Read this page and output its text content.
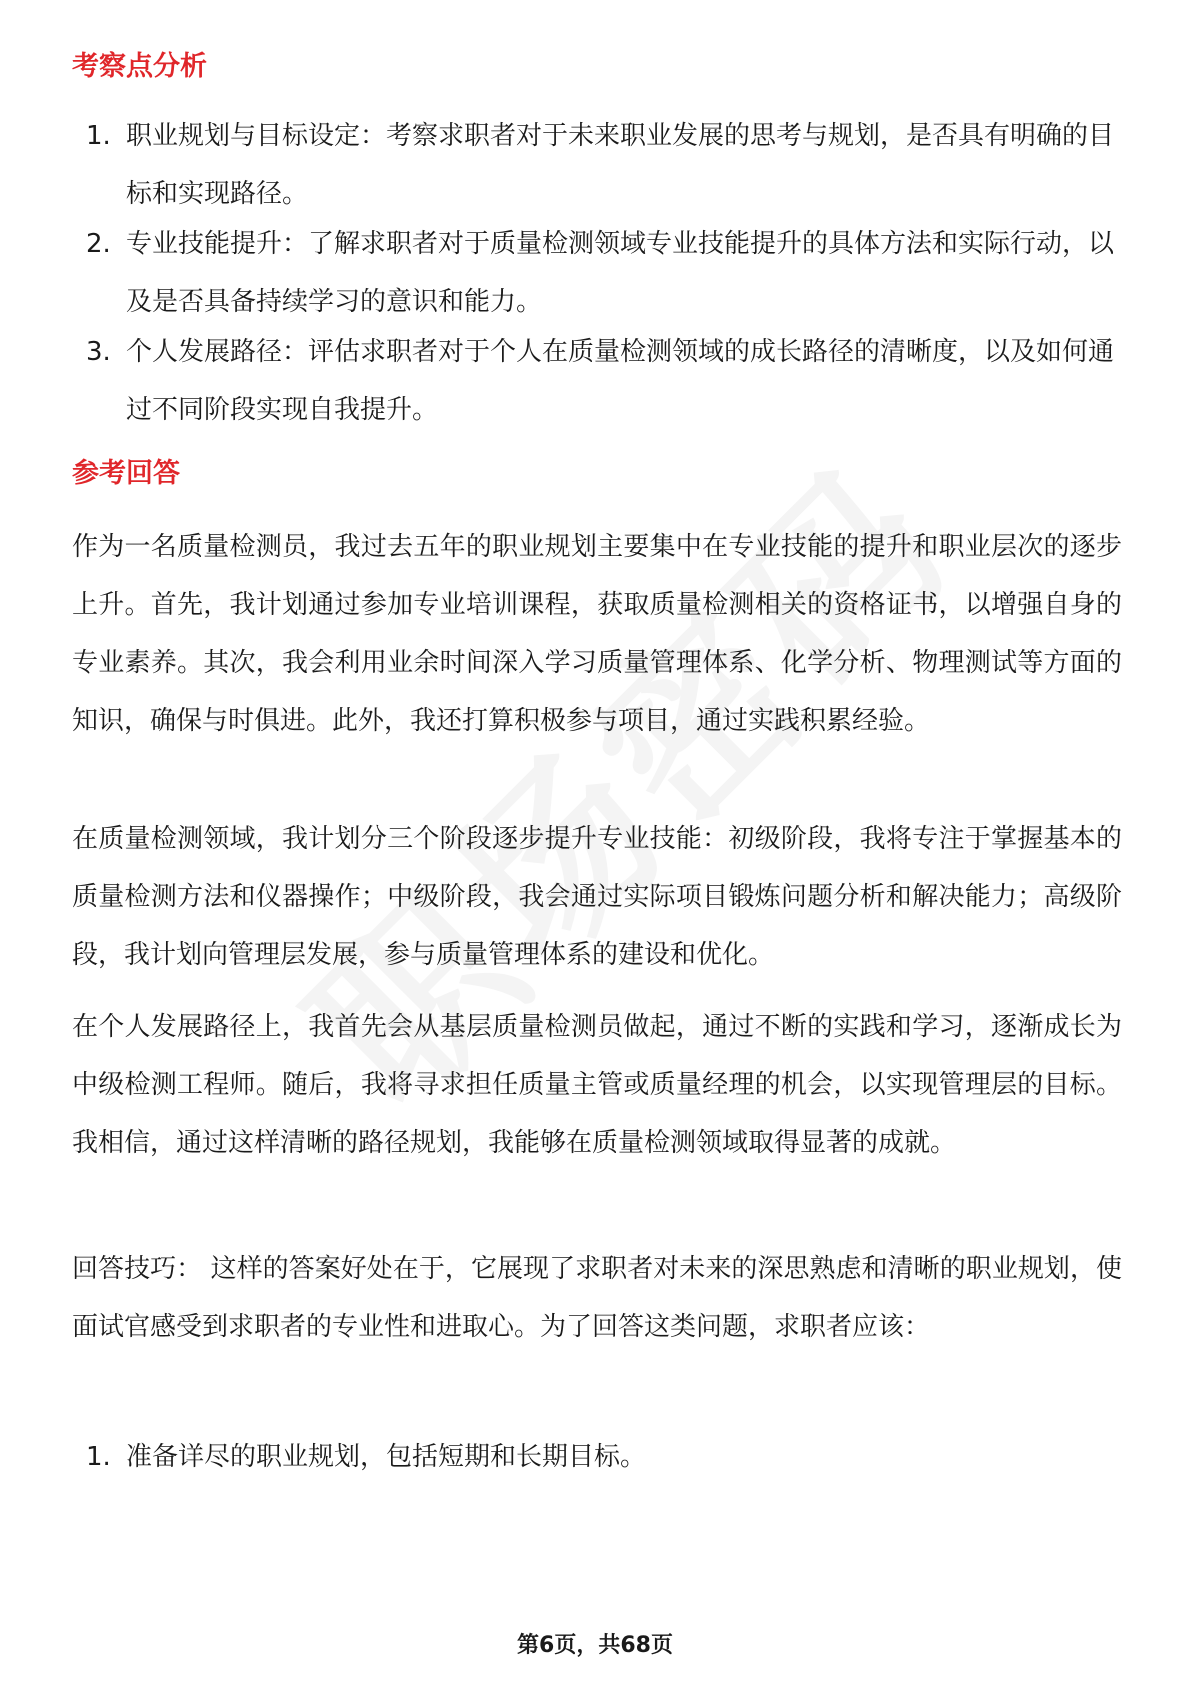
考察点分析
1. 职业规划与目标设定：考察求职者对于未来职业发展的思考与规划，是否具有明确的目标和实现路径。
2. 专业技能提升：了解求职者对于质量检测领域专业技能提升的具体方法和实际行动，以及是否具备持续学习的意识和能力。
3. 个人发展路径：评估求职者对于个人在质量检测领域的成长路径的清晰度，以及如何通过不同阶段实现自我提升。
参考回答
作为一名质量检测员，我过去五年的职业规划主要集中在专业技能的提升和职业层次的逐步上升。首先，我计划通过参加专业培训课程，获取质量检测相关的资格证书，以增强自身的专业素养。其次，我会利用业余时间深入学习质量管理体系、化学分析、物理测试等方面的知识，确保与时俱进。此外，我还打算积极参与项目，通过实践积累经验。
在质量检测领域，我计划分三个阶段逐步提升专业技能：初级阶段，我将专注于掌握基本的质量检测方法和仪器操作；中级阶段，我会通过实际项目锻炼问题分析和解决能力；高级阶段，我计划向管理层发展，参与质量管理体系的建设和优化。
在个人发展路径上，我首先会从基层质量检测员做起，通过不断的实践和学习，逐渐成长为中级检测工程师。随后，我将寻求担任质量主管或质量经理的机会，以实现管理层的目标。我相信，通过这样清晰的路径规划，我能够在质量检测领域取得显著的成就。
回答技巧： 这样的答案好处在于，它展现了求职者对未来的深思熟虑和清晰的职业规划，使面试官感受到求职者的专业性和进取心。为了回答这类问题，求职者应该：
1. 准备详尽的职业规划，包括短期和长期目标。
第6页，共68页
